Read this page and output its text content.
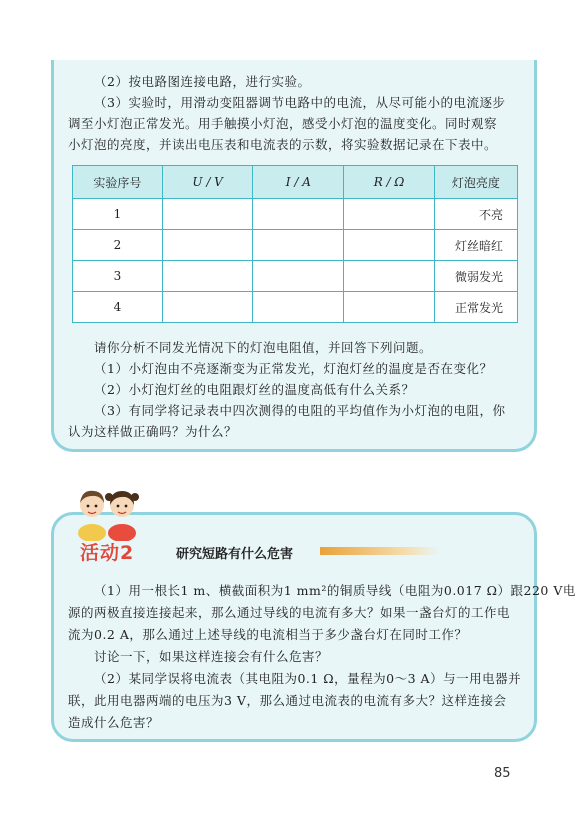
（2）按电路图连接电路，进行实验。
（3）实验时，用滑动变阻器调节电路中的电流，从尽可能小的电流逐步
调至小灯泡正常发光。用手触摸小灯泡，感受小灯泡的温度变化。同时观察
小灯泡的亮度，并读出电压表和电流表的示数，将实验数据记录在下表中。
实验序号	U / V	I / A	R / Ω	灯泡亮度
1				不亮
2				灯丝暗红
3				微弱发光
4				正常发光
请你分析不同发光情况下的灯泡电阻值，并回答下列问题。
（1）小灯泡由不亮逐渐变为正常发光，灯泡灯丝的温度是否在变化？
（2）小灯泡灯丝的电阻跟灯丝的温度高低有什么关系？
（3）有同学将记录表中四次测得的电阻的平均值作为小灯泡的电阻，你
认为这样做正确吗？为什么？
（1）用一根长1 m、横截面积为1 mm²的铜质导线（电阻为0.017 Ω）跟220 V电
源的两极直接连接起来，那么通过导线的电流有多大？如果一盏台灯的工作电
流为0.2 A，那么通过上述导线的电流相当于多少盏台灯在同时工作？
讨论一下，如果这样连接会有什么危害？
（2）某同学误将电流表（其电阻为0.1 Ω，量程为0～3 A）与一用电器并
联，此用电器两端的电压为3 V，那么通过电流表的电流有多大？这样连接会
造成什么危害？
活动2	研究短路有什么危害
85
